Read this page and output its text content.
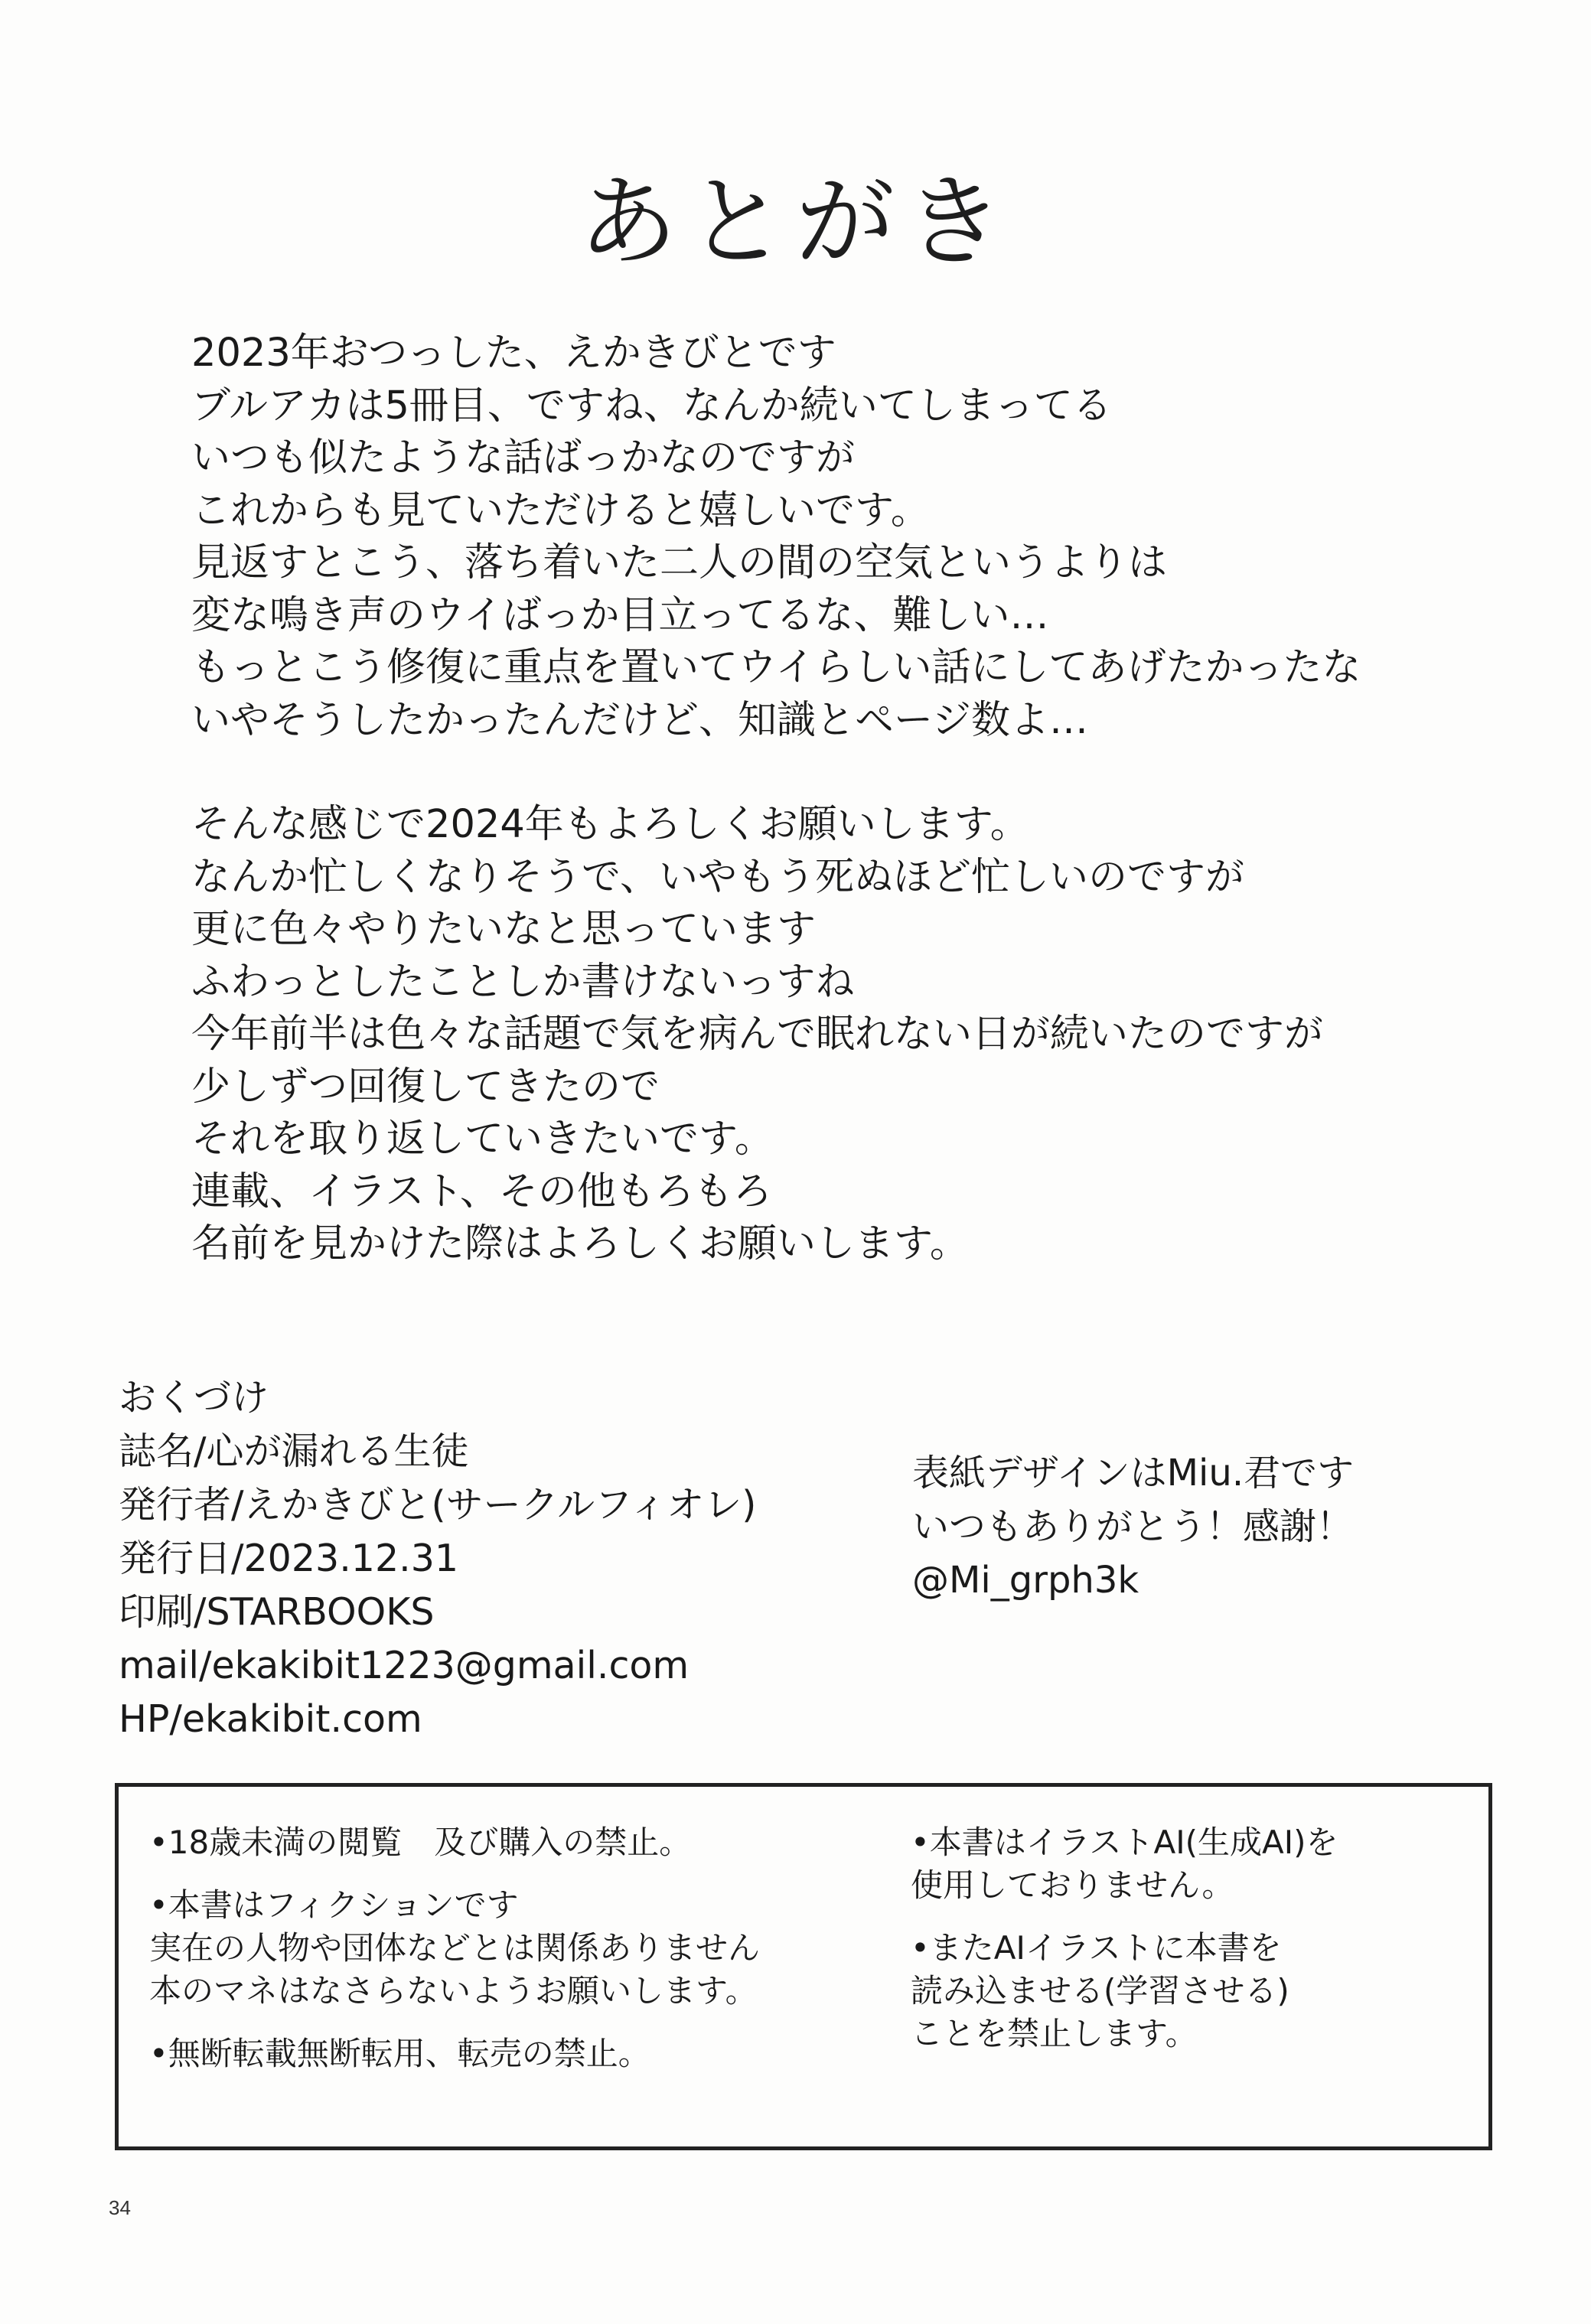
あとがき
2023年おつっした、えかきびとです
ブルアカは5冊目、ですね、なんか続いてしまってる
いつも似たような話ばっかなのですが
これからも見ていただけると嬉しいです。
見返すとこう、落ち着いた二人の間の空気というよりは
変な鳴き声のウイばっか目立ってるな、難しい…
もっとこう修復に重点を置いてウイらしい話にしてあげたかったな
いやそうしたかったんだけど、知識とページ数よ…
そんな感じで2024年もよろしくお願いします。
なんか忙しくなりそうで、いやもう死ぬほど忙しいのですが
更に色々やりたいなと思っています
ふわっとしたことしか書けないっすね
今年前半は色々な話題で気を病んで眠れない日が続いたのですが
少しずつ回復してきたので
それを取り返していきたいです。
連載、イラスト、その他もろもろ
名前を見かけた際はよろしくお願いします。
おくづけ
誌名/心が漏れる生徒
発行者/えかきびと(サークルフィオレ)
発行日/2023.12.31
印刷/STARBOOKS
mail/ekakibit1223@gmail.com
HP/ekakibit.com
表紙デザインはMiu.君です
いつもありがとう！感謝！
@Mi_grph3k
•18歳未満の閲覧　及び購入の禁止。
•本書はフィクションです
実在の人物や団体などとは関係ありません
本のマネはなさらないようお願いします。
•無断転載無断転用、転売の禁止。
•本書はイラストAI(生成AI)を
使用しておりません。
•またAIイラストに本書を
読み込ませる(学習させる)
ことを禁止します。
34
